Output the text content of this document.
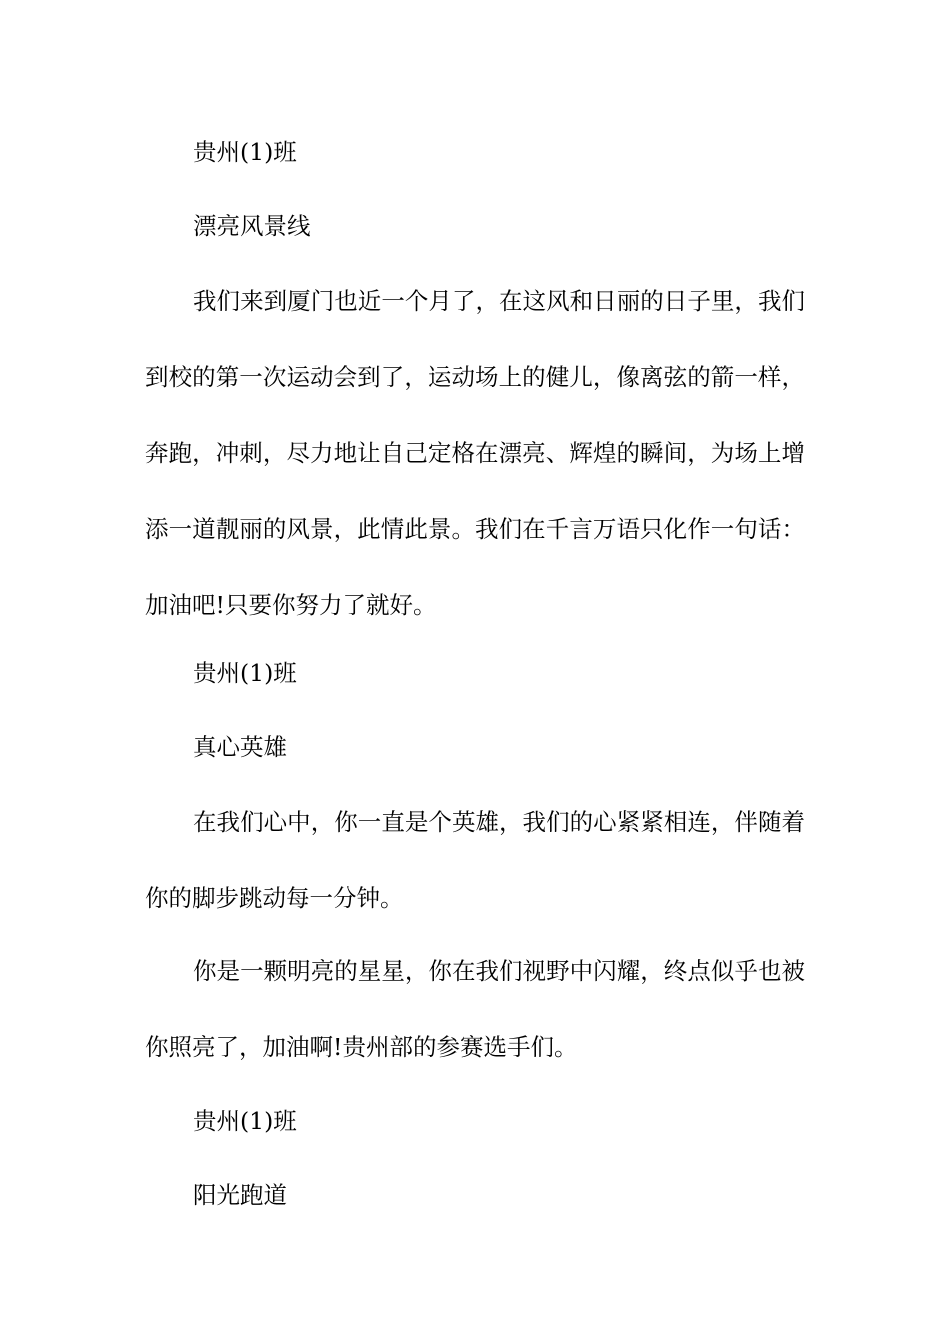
贵州(1)班

漂亮风景线

我们来到厦门也近一个月了，在这风和日丽的日子里，我们到校的第一次运动会到了，运动场上的健儿，像离弦的箭一样，奔跑，冲刺，尽力地让自己定格在漂亮、辉煌的瞬间，为场上增添一道靓丽的风景，此情此景。我们在千言万语只化作一句话：加油吧!只要你努力了就好。

贵州(1)班

真心英雄

在我们心中，你一直是个英雄，我们的心紧紧相连，伴随着你的脚步跳动每一分钟。

你是一颗明亮的星星，你在我们视野中闪耀，终点似乎也被你照亮了，加油啊!贵州部的参赛选手们。

贵州(1)班

阳光跑道
